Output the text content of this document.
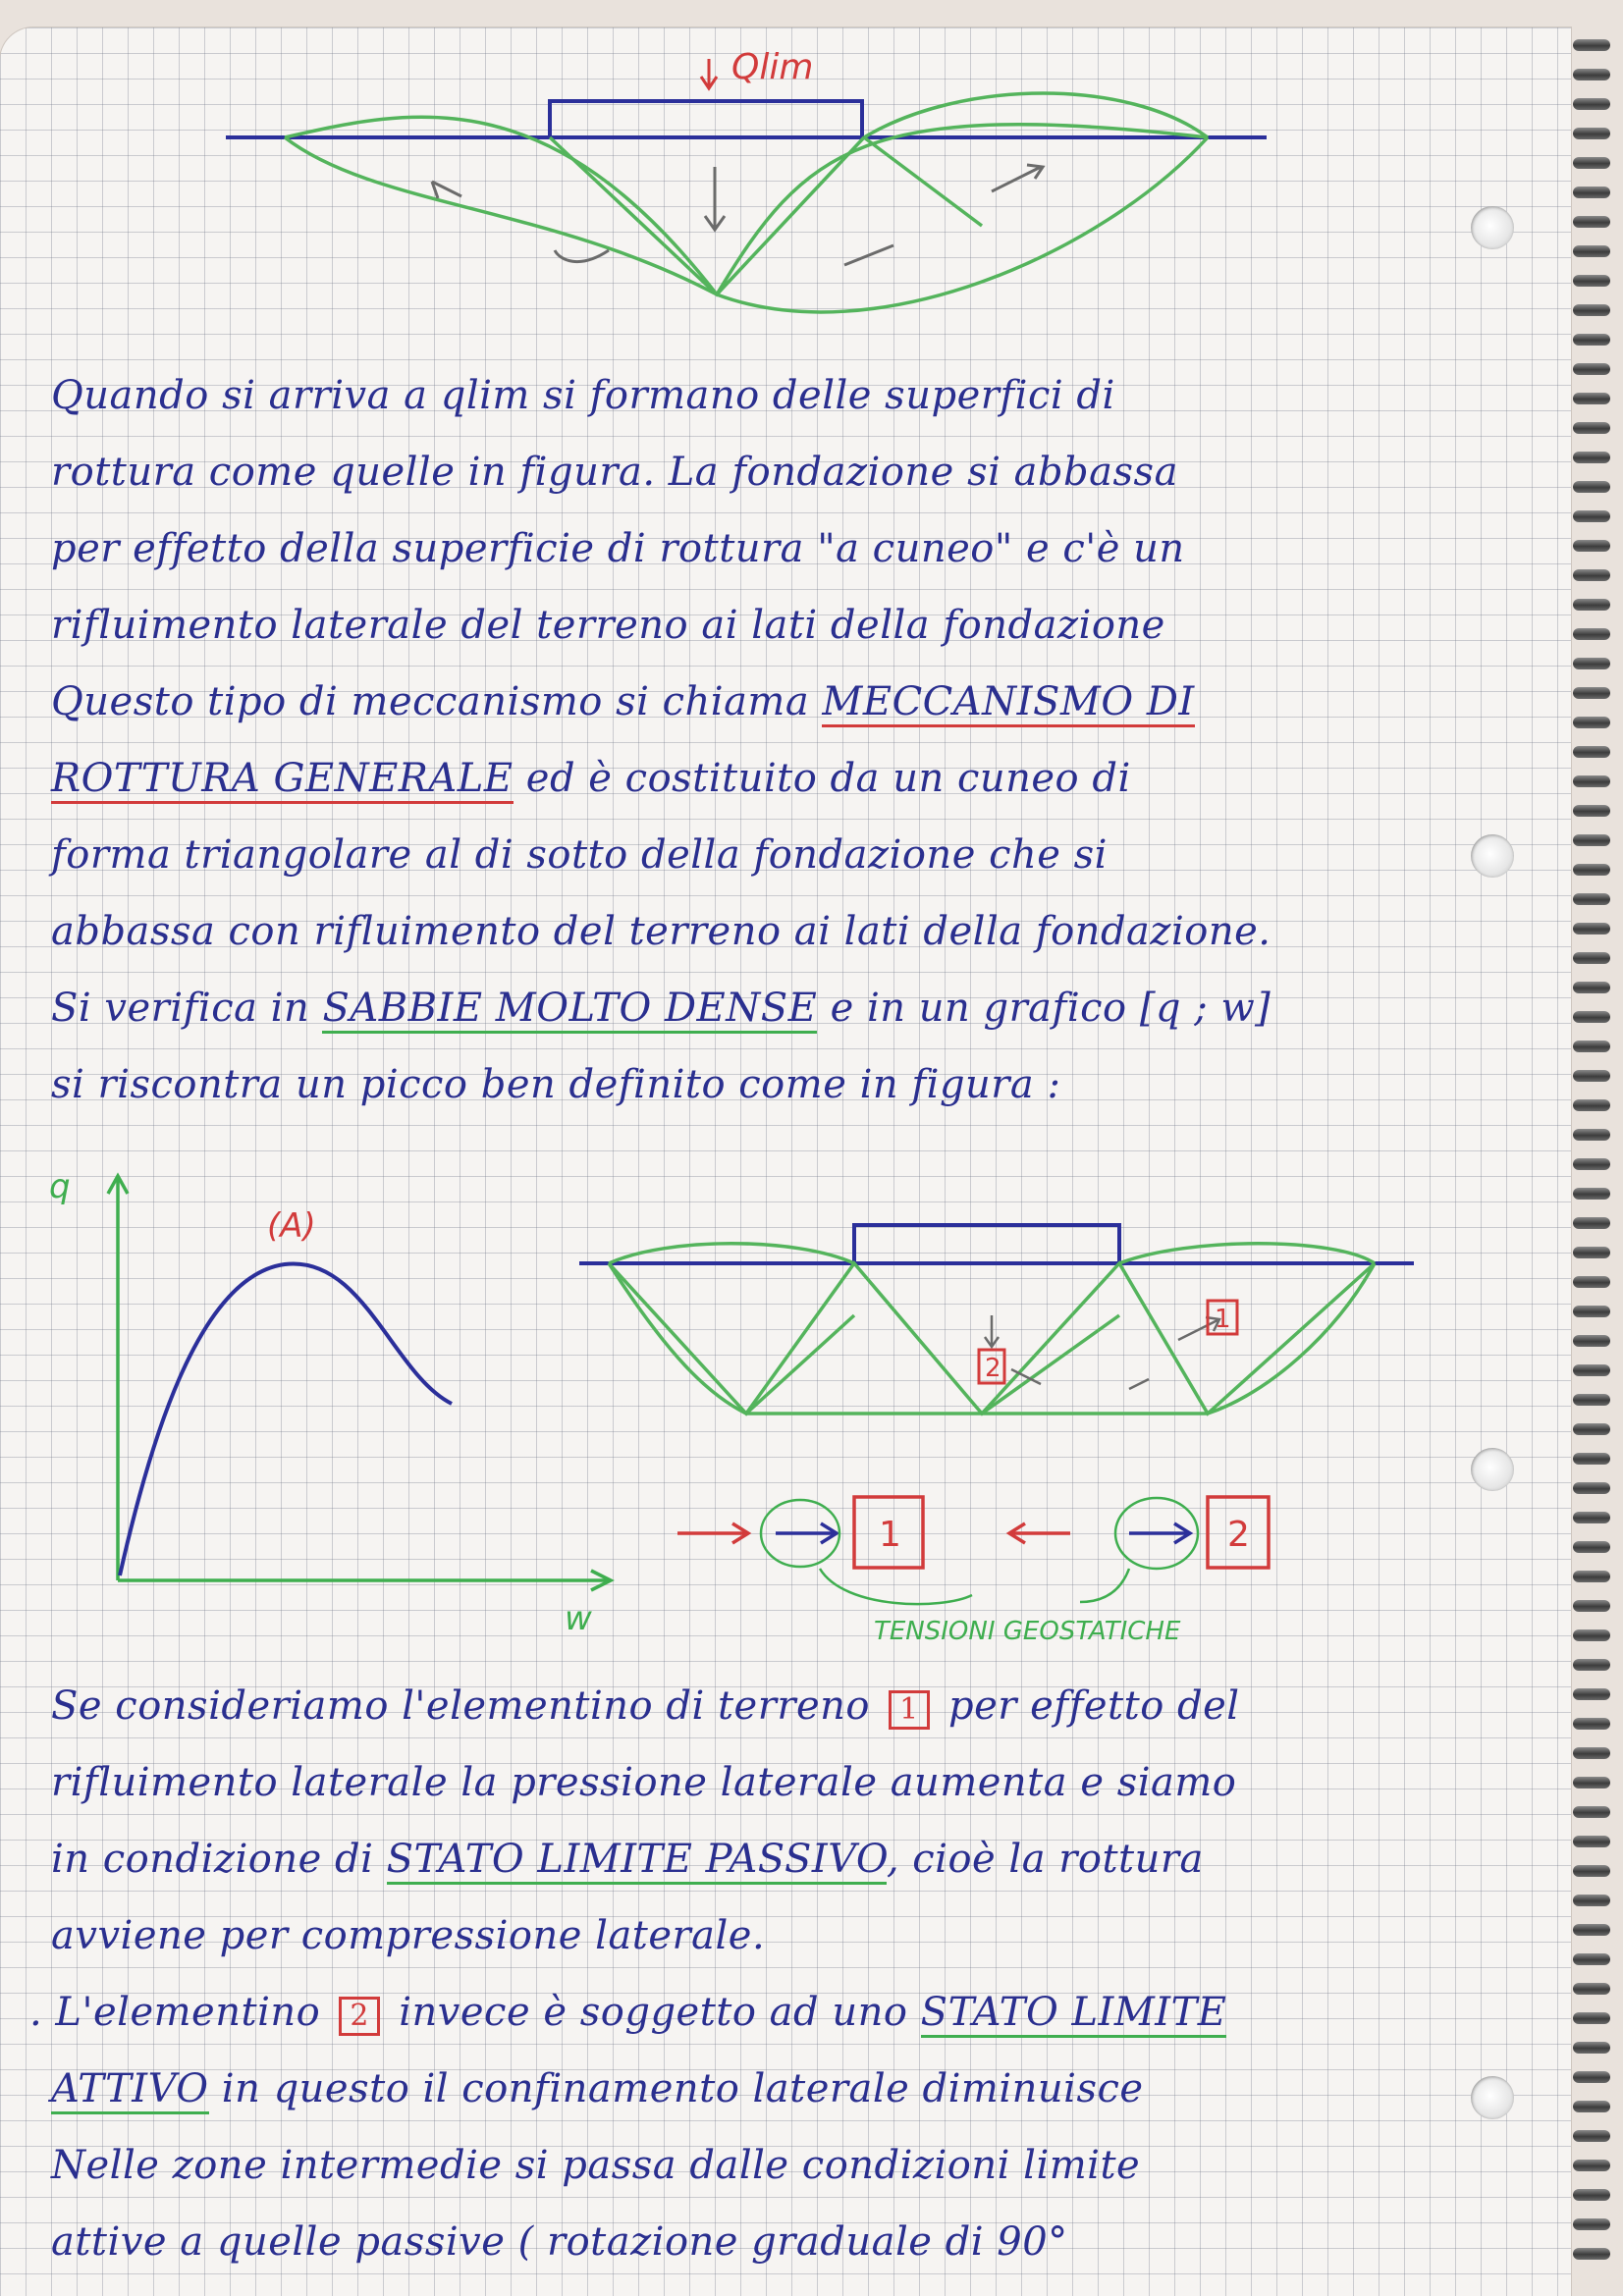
Qlim
Quando si arriva a qlim si formano delle superfici di
rottura come quelle in figura. La fondazione si abbassa
per effetto della superficie di rottura "a cuneo" e c'è un
rifluimento laterale del terreno ai lati della fondazione
Questo tipo di meccanismo si chiama MECCANISMO DI
ROTTURA GENERALE ed è costituito da un cuneo di
forma triangolare al di sotto della fondazione che si
abbassa con rifluimento del terreno ai lati della fondazione.
Si verifica in SABBIE MOLTO DENSE e in un grafico [q ; w]
si riscontra un picco ben definito come in figura :
q
w
(A)
2
1
1	2
TENSIONI GEOSTATICHE
Se consideriamo l'elementino di terreno 1 per effetto del
rifluimento laterale la pressione laterale aumenta e siamo
in condizione di STATO LIMITE PASSIVO, cioè la rottura
avviene per compressione laterale.
. L'elementino 2 invece è soggetto ad uno STATO LIMITE
ATTIVO in questo il confinamento laterale diminuisce
Nelle zone intermedie si passa dalle condizioni limite
attive a quelle passive ( rotazione graduale di 90°
